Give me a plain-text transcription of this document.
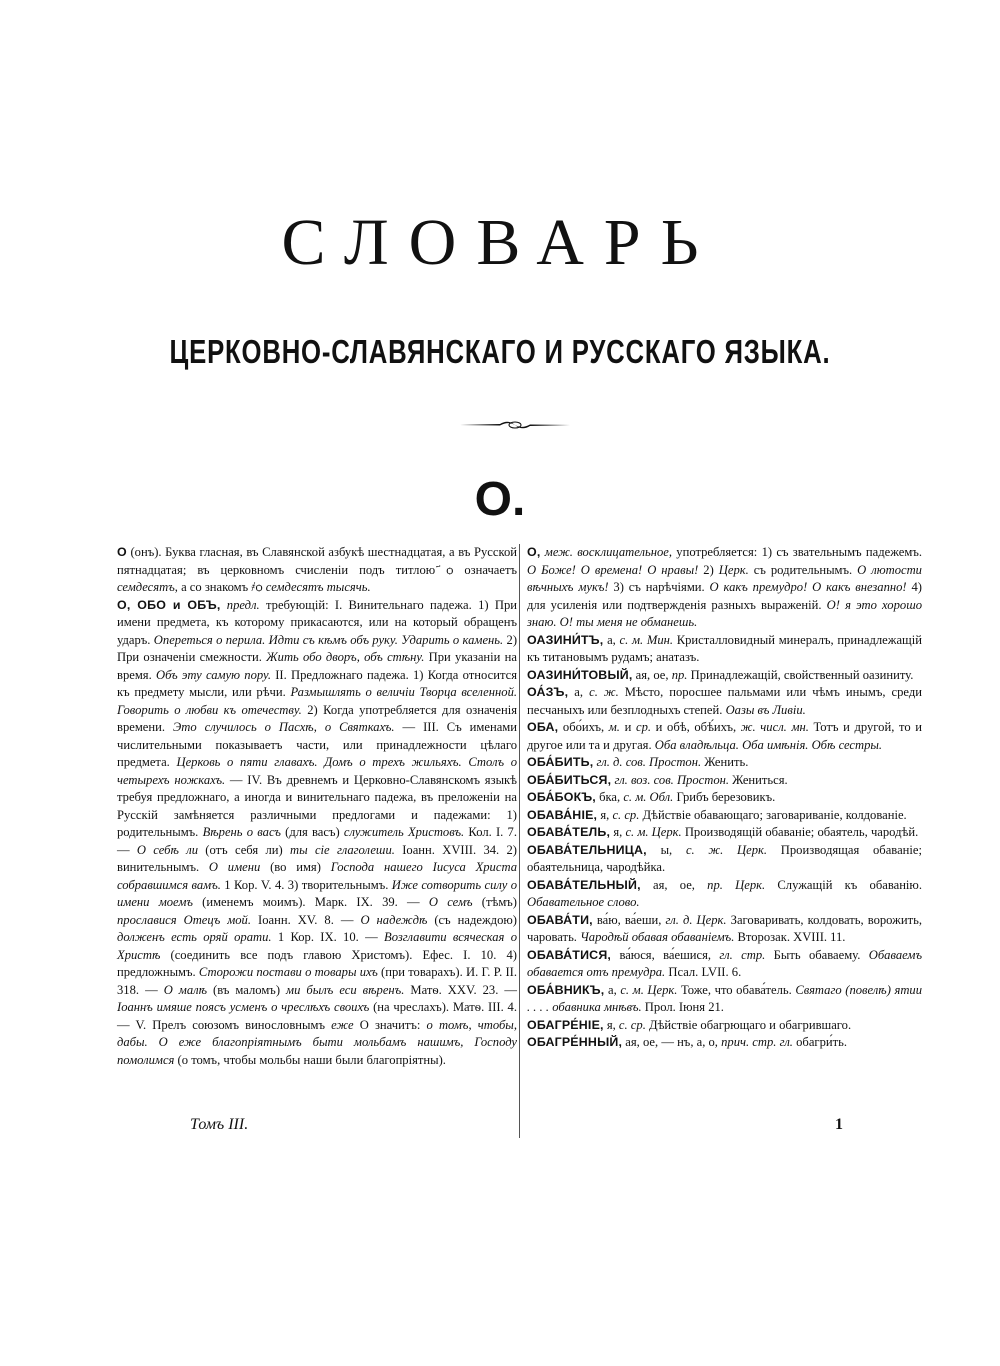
СЛОВАРЬ
ЦЕРКОВНО-СЛАВЯНСКАГО И РУССКАГО ЯЗЫКА.
О.

О (онъ). Буква гласная, въ Славянской азбукѣ шестнадцатая, а въ Русской пятнадцатая; въ церковномъ счисленіи подъ титлою ҃ѻ означаетъ семдесятъ, а со знакомъ ҂ѻ семдесятъ тысячь.

О, ОБО и ОБЪ, предл. требующій: I. Винительнаго падежа. 1) При имени предмета, къ которому прикасаются, или на который обращенъ ударъ. Опереться о перила. Идти съ кѣмъ объ руку. Ударить о камень. 2) При означеніи смежности. Жить обо дворъ, объ стѣну. При указаніи на время. Объ эту самую пору. II. Предложнаго падежа. 1) Когда относится къ предмету мысли, или рѣчи. Размышлять о величіи Творца вселенной. Говорить о любви къ отечеству. 2) Когда употребляется для означенія времени. Это случилось о Пасхѣ, о Святкахъ. — III. Съ именами числительными показываетъ части, или принадлежности цѣлаго предмета. Церковь о пяти главахъ. Домъ о трехъ жильяхъ. Столъ о четырехъ ножкахъ. — IV. Въ древнемъ и Церковно-Славянскомъ языкѣ требуя предложнаго, а иногда и винительнаго падежа, въ преложеніи на Русскій замѣняется различными предлогами и падежами: 1) родительнымъ. Вѣрень о васъ (для васъ) служитель Христовъ. Кол. I. 7. — О себѣ ли (отъ себя ли) ты сіе глаголеши. Іоанн. XVIII. 34. 2) винительнымъ. О имени (во имя) Господа нашего Іисуса Христа собравшимся вамъ. 1 Кор. V. 4. 3) творительнымъ. Иже сотворить силу о имени моемъ (именемъ моимъ). Марк. IX. 39. — О семъ (тѣмъ) прославися Отецъ мой. Іоанн. XV. 8. — О надеждѣ (съ надеждою) долженъ есть оряй орати. 1 Кор. IX. 10. — Возглавити всяческая о Христѣ (соединить все подъ главою Христомъ). Ефес. I. 10. 4) предложнымъ. Сторожи постави о товары ихъ (при товарахъ). И. Г. Р. II. 318. — О малѣ (въ маломъ) ми былъ еси вѣренъ. Матѳ. XXV. 23. — Іоаннъ имяше поясъ усменъ о чреслѣхъ своихъ (на чреслахъ). Матѳ. III. 4. — V. Прелъ союзомъ винословнымъ еже О значитъ: о томъ, чтобы, дабы. О еже благопріятнымъ быти мольбамъ нашимъ, Господу помолимся (о томъ, чтобы мольбы наши были благопріятны).

О, меж. восклицательное, употребляется: 1) съ звательнымъ падежемъ. О Боже! О времена! О нравы! 2) Церк. съ родительнымъ. О лютости вѣчныхъ мукъ! 3) съ нарѣчіями. О какъ премудро! О какъ внезапно! 4) для усиленія или подтвержденія разныхъ выраженій. О! я это хорошо знаю. О! ты меня не обманешь.

ОАЗИНИ́ТЪ, а, с. м. Мин. Кристалловидный минералъ, принадлежащій къ титановымъ рудамъ; анатазъ.

ОАЗИНИ́ТОВЫЙ, ая, ое, пр. Принадлежащій, свойственный оазиниту.

ОА́ЗЪ, а, с. ж. Мѣсто, поросшее пальмами или чѣмъ инымъ, среди песчаныхъ или безплодныхъ степей. Оазы въ Ливіи.

ОБА, обо́ихъ, м. и ср. и обѣ, обѣ́ихъ, ж. числ. мн. Тотъ и другой, то и другое или та и другая. Оба владѣльца. Оба имѣнія. Обѣ сестры.

ОБА́БИТЬ, гл. д. сов. Простон. Женить.

ОБА́БИТЬСЯ, гл. воз. сов. Простон. Жениться.

ОБА́БОКЪ, бка, с. м. Обл. Грибъ березовикъ.

ОБАВА́НІЕ, я, с. ср. Дѣйствіе обавающаго; заговариваніе, колдованіе.

ОБАВА́ТЕЛЬ, я, с. м. Церк. Производящій обаваніе; обаятель, чародѣй.

ОБАВА́ТЕЛЬНИЦА, ы, с. ж. Церк. Производящая обаваніе; обаятельница, чародѣйка.

ОБАВА́ТЕЛЬНЫЙ, ая, ое, пр. Церк. Служащій къ обаванію. Обавательное слово.

ОБАВА́ТИ, ва́ю, ва́еши, гл. д. Церк. Заговаривать, колдовать, ворожить, чаровать. Чародѣй обавая обаваніемъ. Второзак. XVIII. 11.

ОБАВА́ТИСЯ, ва́юся, ва́ешися, гл. стр. Быть обаваему. Обаваемъ обавается отъ премудра. Псал. LVII. 6.

ОБА́ВНИКЪ, а, с. м. Церк. Тоже, что обава́тель. Святаго (повелѣ) ятии . . . . обавника мнѣвъ. Прол. Іюня 21.

ОБАГРЕ́НІЕ, я, с. ср. Дѣйствіе обагрющаго и обагрившаго.

ОБАГРЕ́ННЫЙ, ая, ое, — нъ, а, о, прич. стр. гл. обагри́ть.

Томъ III.	1
